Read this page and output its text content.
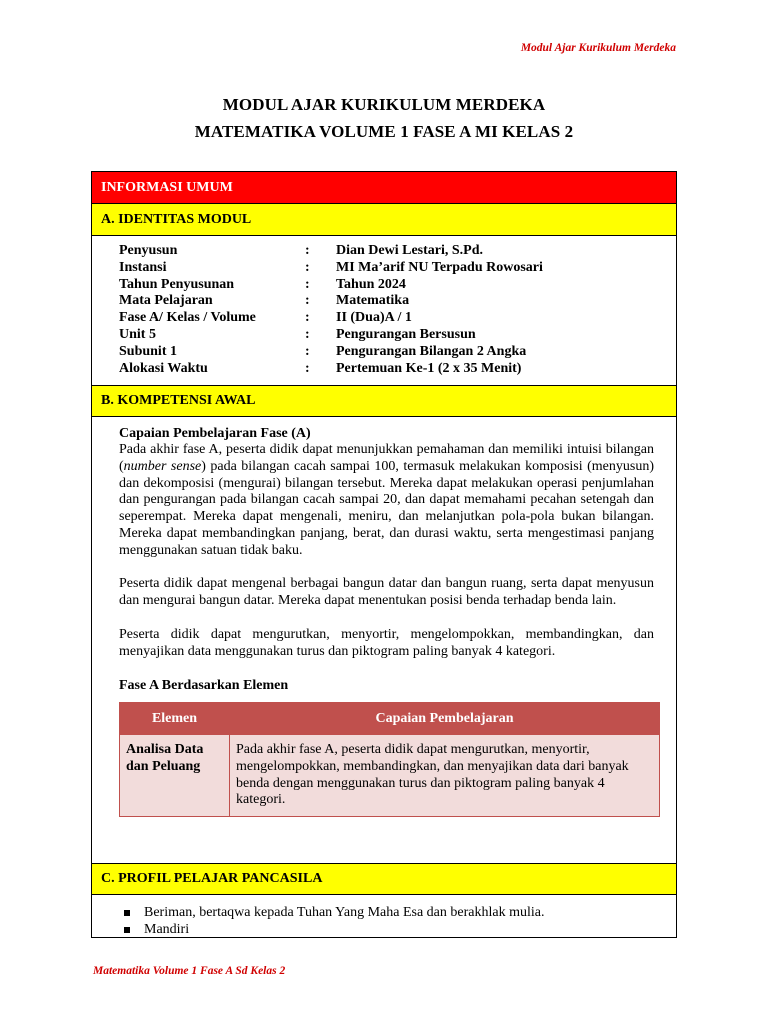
Modul Ajar Kurikulum Merdeka
MODUL AJAR KURIKULUM MERDEKA
MATEMATIKA VOLUME 1 FASE A MI KELAS 2
INFORMASI UMUM
A. IDENTITAS MODUL
Penyusun	:	Dian Dewi Lestari, S.Pd.
Instansi	:	MI Ma’arif NU Terpadu Rowosari
Tahun Penyusunan	:	Tahun 2024
Mata Pelajaran	:	Matematika
Fase A/ Kelas / Volume	:	II (Dua)A / 1
Unit 5	:	Pengurangan Bersusun
Subunit 1	:	Pengurangan Bilangan 2 Angka
Alokasi Waktu	:	Pertemuan Ke-1 (2 x 35 Menit)
B. KOMPETENSI AWAL
Capaian Pembelajaran Fase (A)
Pada akhir fase A, peserta didik dapat menunjukkan pemahaman dan memiliki intuisi bilangan (number sense) pada bilangan cacah sampai 100, termasuk melakukan komposisi (menyusun) dan dekomposisi (mengurai) bilangan tersebut. Mereka dapat melakukan operasi penjumlahan dan pengurangan pada bilangan cacah sampai 20, dan dapat memahami pecahan setengah dan seperempat. Mereka dapat mengenali, meniru, dan melanjutkan pola-pola bukan bilangan. Mereka dapat membandingkan panjang, berat, dan durasi waktu, serta mengestimasi panjang menggunakan satuan tidak baku.
Peserta didik dapat mengenal berbagai bangun datar dan bangun ruang, serta dapat menyusun dan mengurai bangun datar. Mereka dapat menentukan posisi benda terhadap benda lain.
Peserta didik dapat mengurutkan, menyortir, mengelompokkan, membandingkan, dan menyajikan data menggunakan turus dan piktogram paling banyak 4 kategori.
Fase A Berdasarkan Elemen
Elemen	Capaian Pembelajaran
Analisa Data dan Peluang	Pada akhir fase A, peserta didik dapat mengurutkan, menyortir, mengelompokkan, membandingkan, dan menyajikan data dari banyak benda dengan menggunakan turus dan piktogram paling banyak 4 kategori.
C. PROFIL PELAJAR PANCASILA
Beriman, bertaqwa kepada Tuhan Yang Maha Esa dan berakhlak mulia.
Mandiri
Matematika Volume 1 Fase A Sd Kelas 2
